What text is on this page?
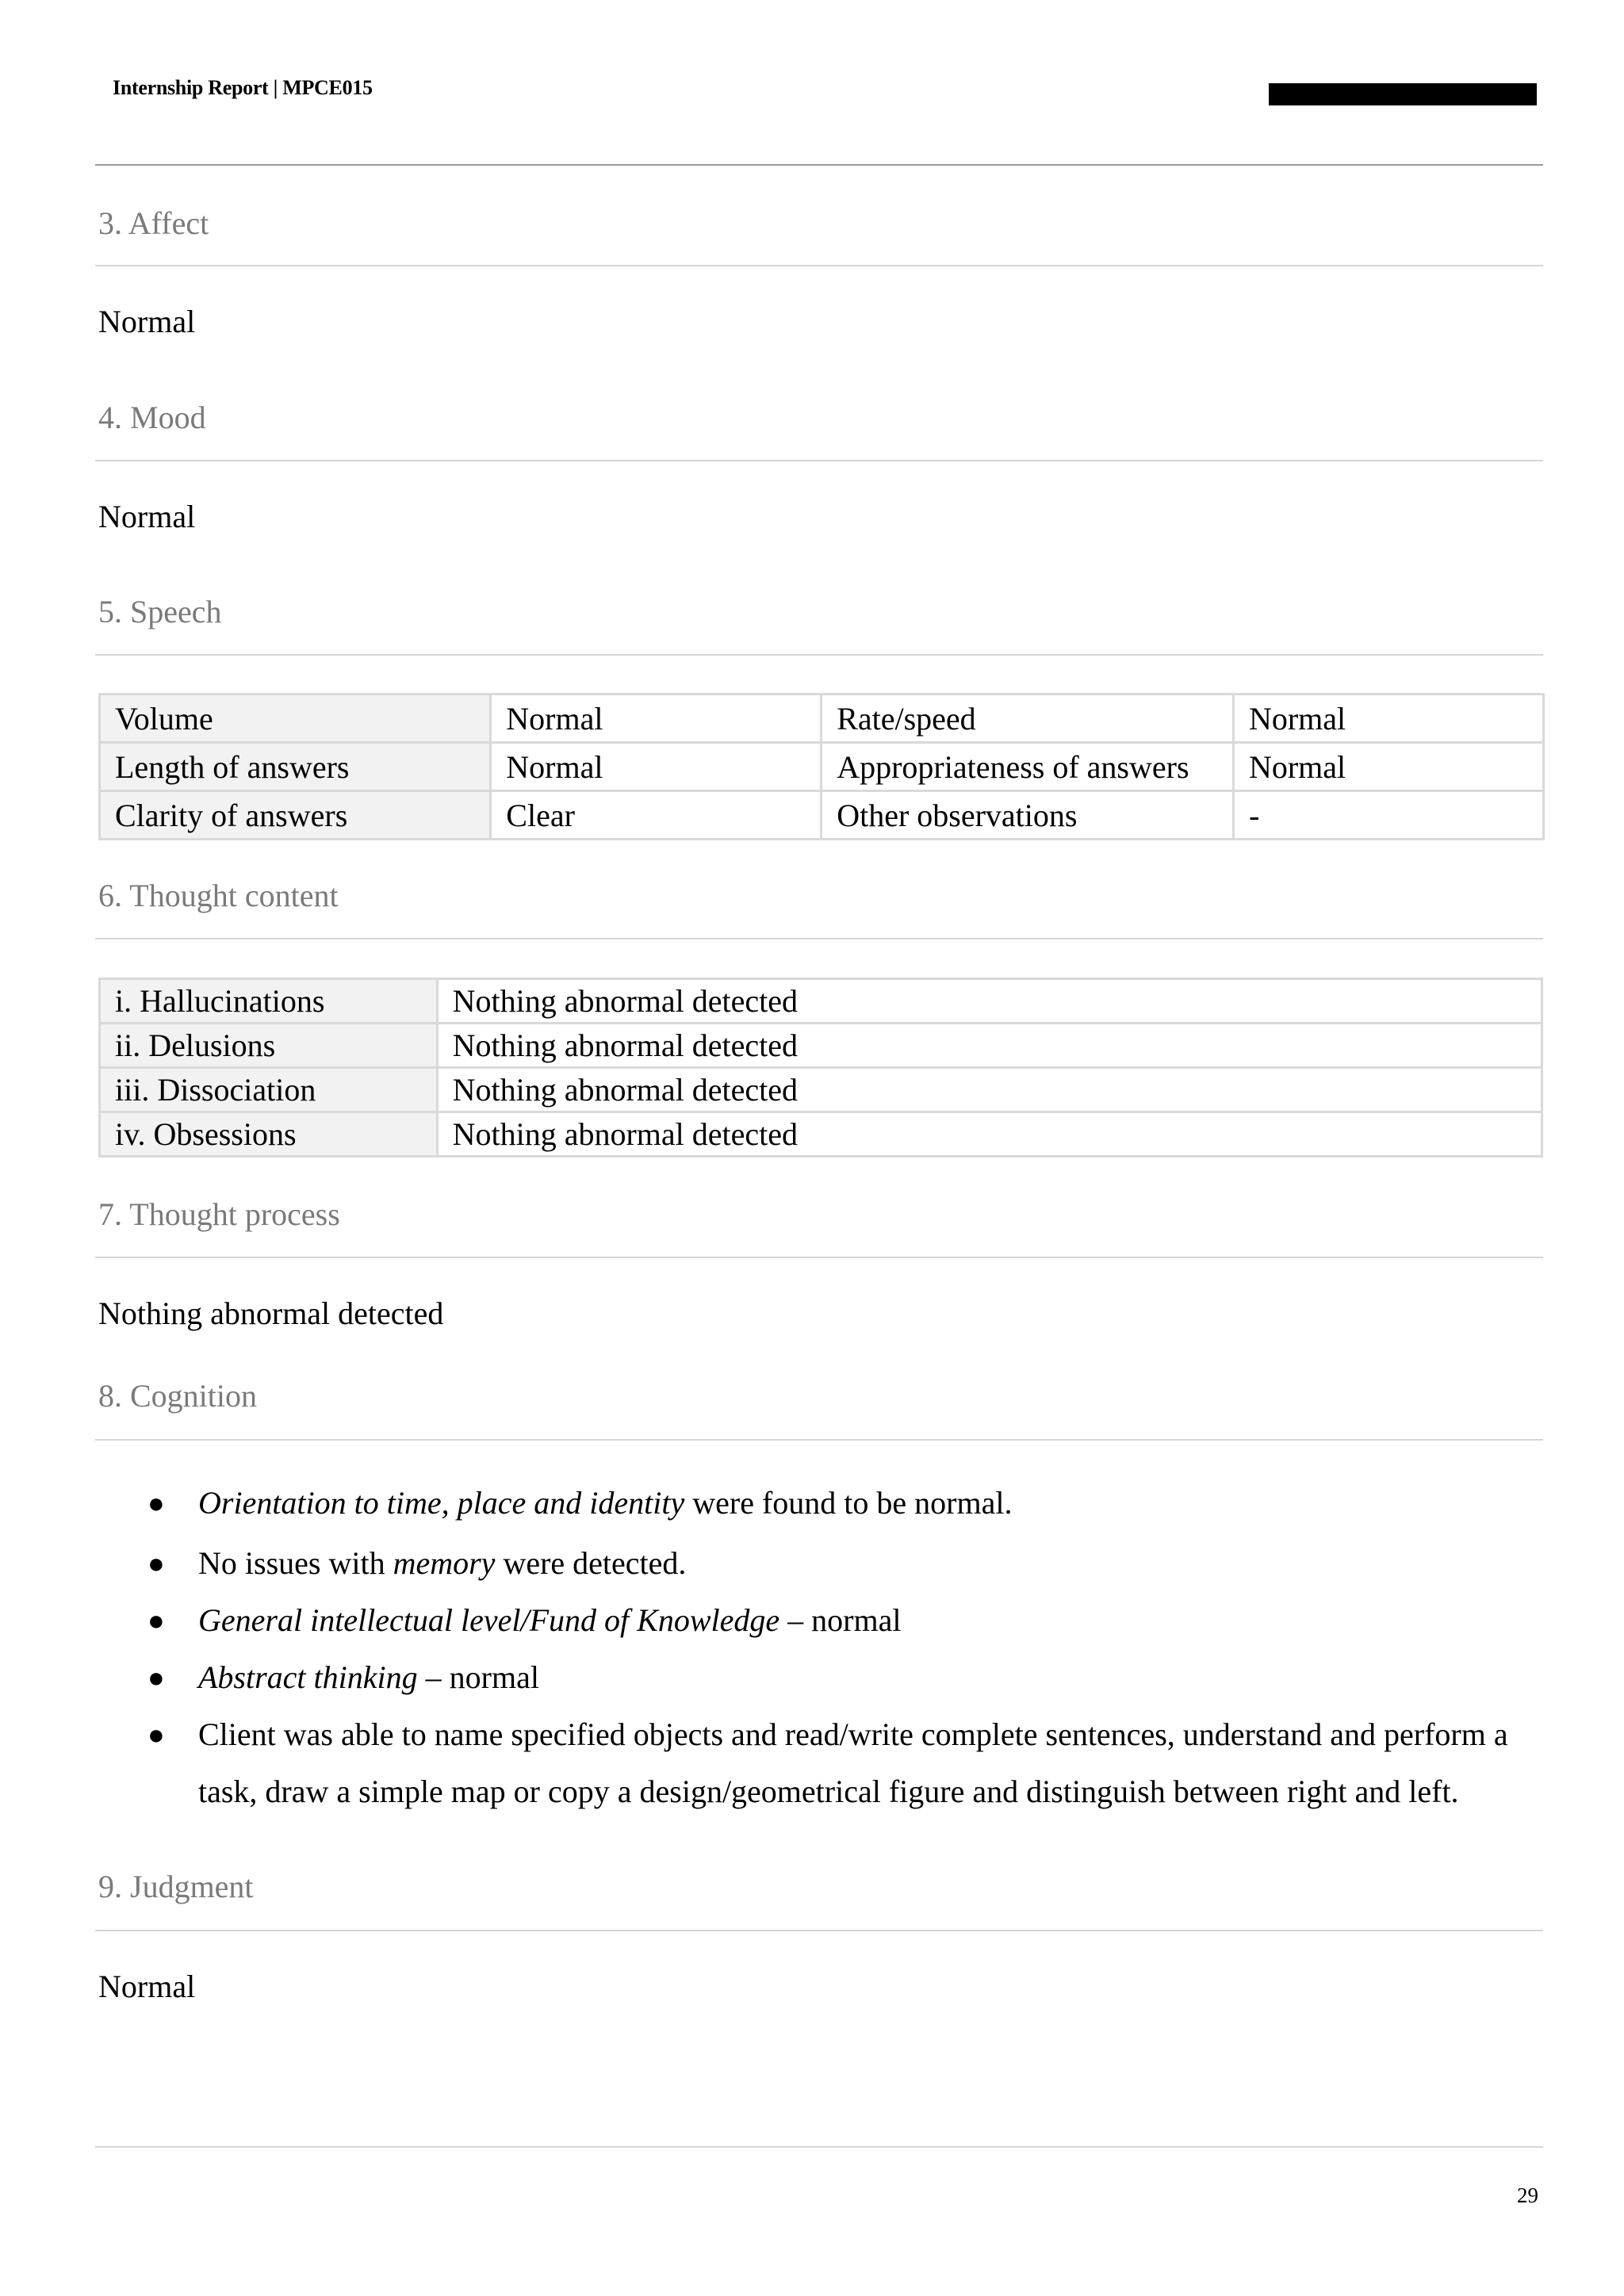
Internship Report | MPCE015
3. Affect
Normal
4. Mood
Normal
5. Speech
Volume	Normal	Rate/speed	Normal
Length of answers	Normal	Appropriateness of answers	Normal
Clarity of answers	Clear	Other observations	-
6. Thought content
i. Hallucinations	Nothing abnormal detected
ii. Delusions	Nothing abnormal detected
iii. Dissociation	Nothing abnormal detected
iv. Obsessions	Nothing abnormal detected
7. Thought process
Nothing abnormal detected
8. Cognition
● Orientation to time, place and identity were found to be normal.
● No issues with memory were detected.
● General intellectual level/Fund of Knowledge – normal
● Abstract thinking – normal
● Client was able to name specified objects and read/write complete sentences, understand and perform a task, draw a simple map or copy a design/geometrical figure and distinguish between right and left.
9. Judgment
Normal
29
